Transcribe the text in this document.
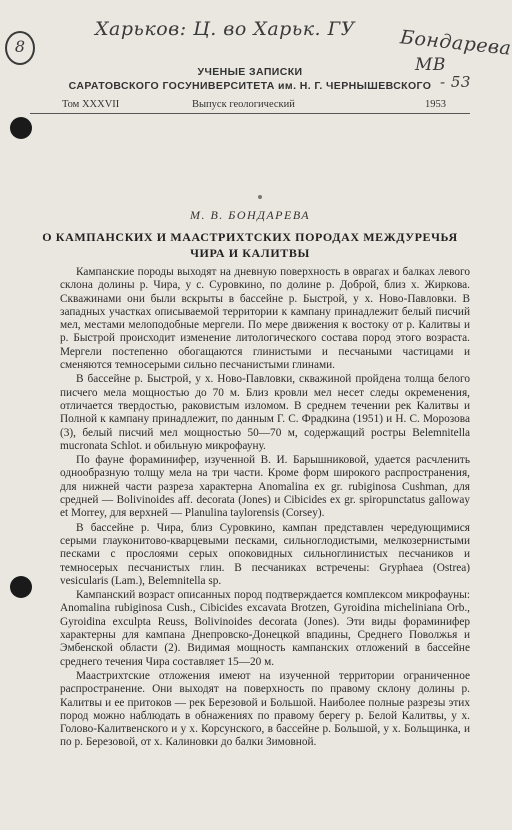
8
Харьков: Ц. во Харьк. ГУ Бондарева
МВ
- 53
УЧЕНЫЕ ЗАПИСКИ
САРАТОВСКОГО ГОСУНИВЕРСИТЕТА им. Н. Г. ЧЕРНЫШЕВСКОГО
Том XXXVII	Выпуск геологический	1953
М. В. БОНДАРЕВА
О КАМПАНСКИХ И МААСТРИХТСКИХ ПОРОДАХ МЕЖДУРЕЧЬЯ
ЧИРА И КАЛИТВЫ

Кампанские породы выходят на дневную поверхность в оврагах и балках левого склона долины р. Чира, у с. Суровкино, по долине р. Доброй, близ х. Жиркова. Скважинами они были вскрыты в бассейне р. Быстрой, у х. Ново-Павловки. В западных участках описываемой территории к кампану принадлежит белый писчий мел, местами мелоподобные мергели. По мере движения к востоку от р. Калитвы и р. Быстрой происходит изменение литологического состава пород этого возраста. Мергели постепенно обогащаются глинистыми и песчаными частицами и сменяются темносерыми сильно песчанистыми глинами.

В бассейне р. Быстрой, у х. Ново-Павловки, скважиной пройдена толща белого писчего мела мощностью до 70 м. Близ кровли мел несет следы окременения, отличается твердостью, раковистым изломом. В среднем течении рек Калитвы и Полной к кампану принадлежит, по данным Г. С. Фрадкина (1951) и Н. С. Морозова (3), белый писчий мел мощностью 50—70 м, содержащий ростры Belemnitella mucronata Schlot. и обильную микрофауну.

По фауне фораминифер, изученной В. И. Барышниковой, удается расчленить однообразную толщу мела на три части. Кроме форм широкого распространения, для нижней части разреза характерна Anomalina ex gr. rubiginosa Cushman, для средней — Bolivinoides aff. decorata (Jones) и Cibicides ex gr. spiropunctatus galloway et Morrey, для верхней — Planulina taylorensis (Corsey).

В бассейне р. Чира, близ Суровкино, кампан представлен чередующимися серыми глауконитово-кварцевыми песками, сильноглодистыми, мелкозернистыми песками с прослоями серых опоковидных сильноглинистых песчаников и темносерых песчанистых глин. В песчаниках встречены: Gryphaea (Ostrea) vesicularis (Lam.), Belemnitella sp.

Кампанский возраст описанных пород подтверждается комплексом микрофауны: Anomalina rubiginosa Cush., Cibicides excavata Brotzen, Gyroidina micheliniana Orb., Gyroidina exculpta Reuss, Bolivinoides decorata (Jones). Эти виды фораминифер характерны для кампана Днепровско-Донецкой впадины, Среднего Поволжья и Эмбенской области (2). Видимая мощность кампанских отложений в бассейне среднего течения Чира составляет 15—20 м.

Маастрихтские отложения имеют на изученной территории ограниченное распространение. Они выходят на поверхность по правому склону долины р. Калитвы и ее притоков — рек Березовой и Большой. Наиболее полные разрезы этих пород можно наблюдать в обнажениях по правому берегу р. Белой Калитвы, у х. Голово-Калитвенского и у х. Корсунского, в бассейне р. Большой, у х. Больщинка, и по р. Березовой, от х. Калиновки до балки Зимовной.
